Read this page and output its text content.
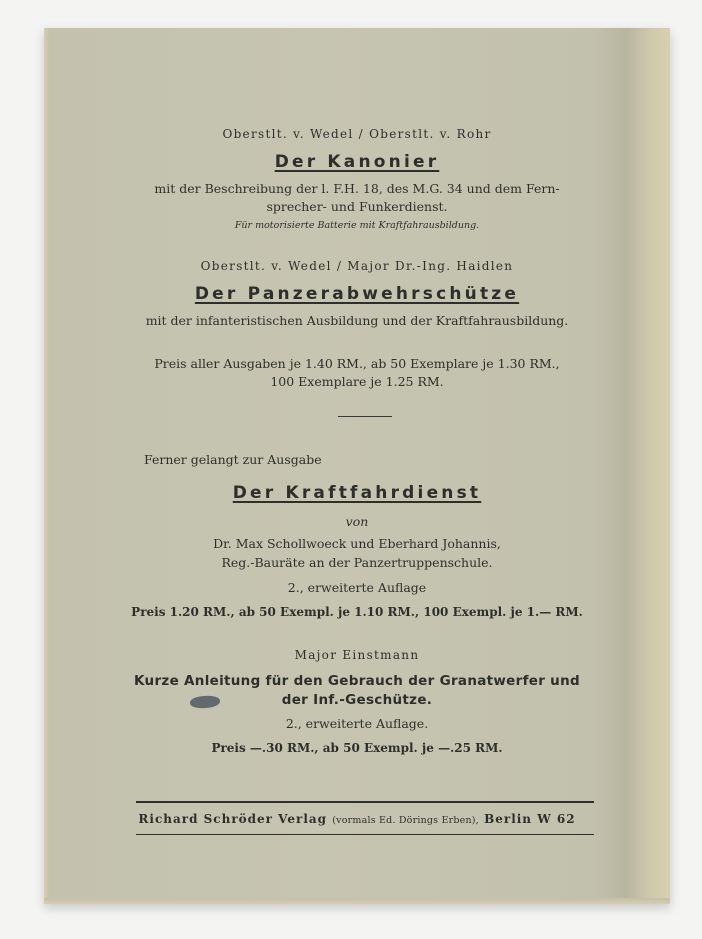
Oberstlt. v. Wedel / Oberstlt. v. Rohr
Der Kanonier
mit der Beschreibung der l. F.H. 18, des M.G. 34 und dem Fern-
sprecher- und Funkerdienst.
Für motorisierte Batterie mit Kraftfahrausbildung.
Oberstlt. v. Wedel / Major Dr.-Ing. Haidlen
Der Panzerabwehrschütze
mit der infanteristischen Ausbildung und der Kraftfahrausbildung.
Preis aller Ausgaben je 1.40 RM., ab 50 Exemplare je 1.30 RM.,
100 Exemplare je 1.25 RM.
Ferner gelangt zur Ausgabe
Der Kraftfahrdienst
von
Dr. Max Schollwoeck und Eberhard Johannis,
Reg.-Bauräte an der Panzertruppenschule.
2., erweiterte Auflage
Preis 1.20 RM., ab 50 Exempl. je 1.10 RM., 100 Exempl. je 1.— RM.
Major Einstmann
Kurze Anleitung für den Gebrauch der Granatwerfer und
der Inf.-Geschütze.
2., erweiterte Auflage.
Preis —.30 RM., ab 50 Exempl. je —.25 RM.
Richard Schröder Verlag (vormals Ed. Dörings Erben), Berlin W 62
